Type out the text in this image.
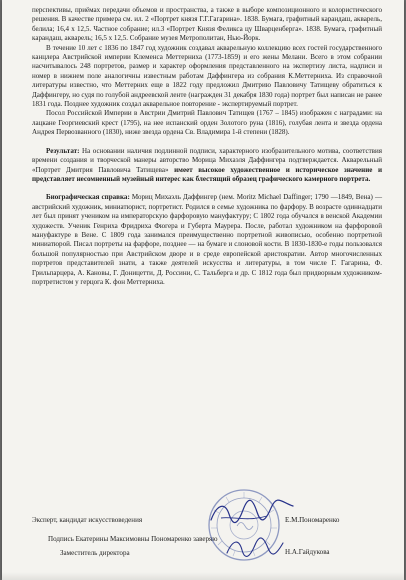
перспективы, приёмах передачи объемов и пространства, а также в выборе композиционного и колористического решения. В качестве примера см. ил. 2 «Портрет князя Г.Г.Гагарина». 1838. Бумага, графитный карандаш, акварель, белила; 16,4 х 12,5. Частное собрание; ил.3 «Портрет Князя Феликса цу Шварценберга». 1838. Бумага, графитный карандаш, акварель; 16,5 х 12,5. Собрание музея Метрополитан, Нью-Йорк.

В течение 10 лет с 1836 по 1847 год художник создавал акварельную коллекцию всех гостей государственного канцлера Австрийской империи Клеменса Меттерниха (1773-1859) и его жены Мелани. Всего в этом собрании насчитывалось 248 портретов, размер и характер оформления представленного на экспертизу листа, надписи и номер в нижнем поле аналогичны известным работам Даффингера из собрания К.Меттерниха. Из справочной литературы известно, что Меттерних еще в 1822 году предложил Дмитрию Павловичу Татищеву обратиться к Даффингеру, но судя по голубой андреевской ленте (награжден 31 декабря 1830 года) портрет был написан не ранее 1831 года. Позднее художник создал акварельное повторение - экспертируемый портрет.

Посол Российской Империи в Австрии Дмитрий Павлович Татищев (1767 – 1845) изображен с наградами: на лацкане Георгиевский крест (1795), на нее испанский орден Золотого руна (1816), голубая лента и звезда ордена Андрея Первозванного (1830), ниже звезда ордена Св. Владимира 1-й степени (1828).

Результат: На основании наличия подлинной подписи, характерного изобразительного мотива, соответствия времени создания и творческой манеры авторство Морица Михаэля Даффингера подтверждается. Акварельный «Портрет Дмитрия Павловича Татищева» имеет высокое художественное и историческое значение и представляет несомненный музейный интерес как блестящий образец графического камерного портрета.

Биографическая справка: Мориц Михаэль Даффингер (нем. Moritz Michael Daffinger; 1790 —1849, Вена) — австрийский художник, миниатюрист, портретист. Родился в семье художника по фарфору. В возрасте одиннадцати лет был принят учеником на императорскую фарфоровую мануфактуру; С 1802 года обучался в венской Академии художеств. Ученик Генриха Фридриха Фюгера и Губерта Маурера. После, работал художником на фарфоровой мануфактуре в Вене. С 1809 года занимался преимущественно портретной живописью, особенно портретной миниатюрой. Писал портреты на фарфоре, позднее — на бумаге и слоновой кости. В 1830-1830-е годы пользовался большой популярностью при Австрийском дворе и в среде европейской аристократии. Автор многочисленных портретов представителей знати, а также деятелей искусства и литературы, в том числе Г. Гагарина, Ф. Грильпарцера, А. Кановы, Г. Доницетти, Д. Россини, С. Тальберга и др. С 1812 года был придворным художником-портретистом у герцога К. фон Меттерниха.

Эксперт, кандидат искусствоведения	Е.М.Пономаренко
Подпись Екатерины Максимовны Пономаренко заверяю
Заместитель директора	Н.А.Гайдукова
